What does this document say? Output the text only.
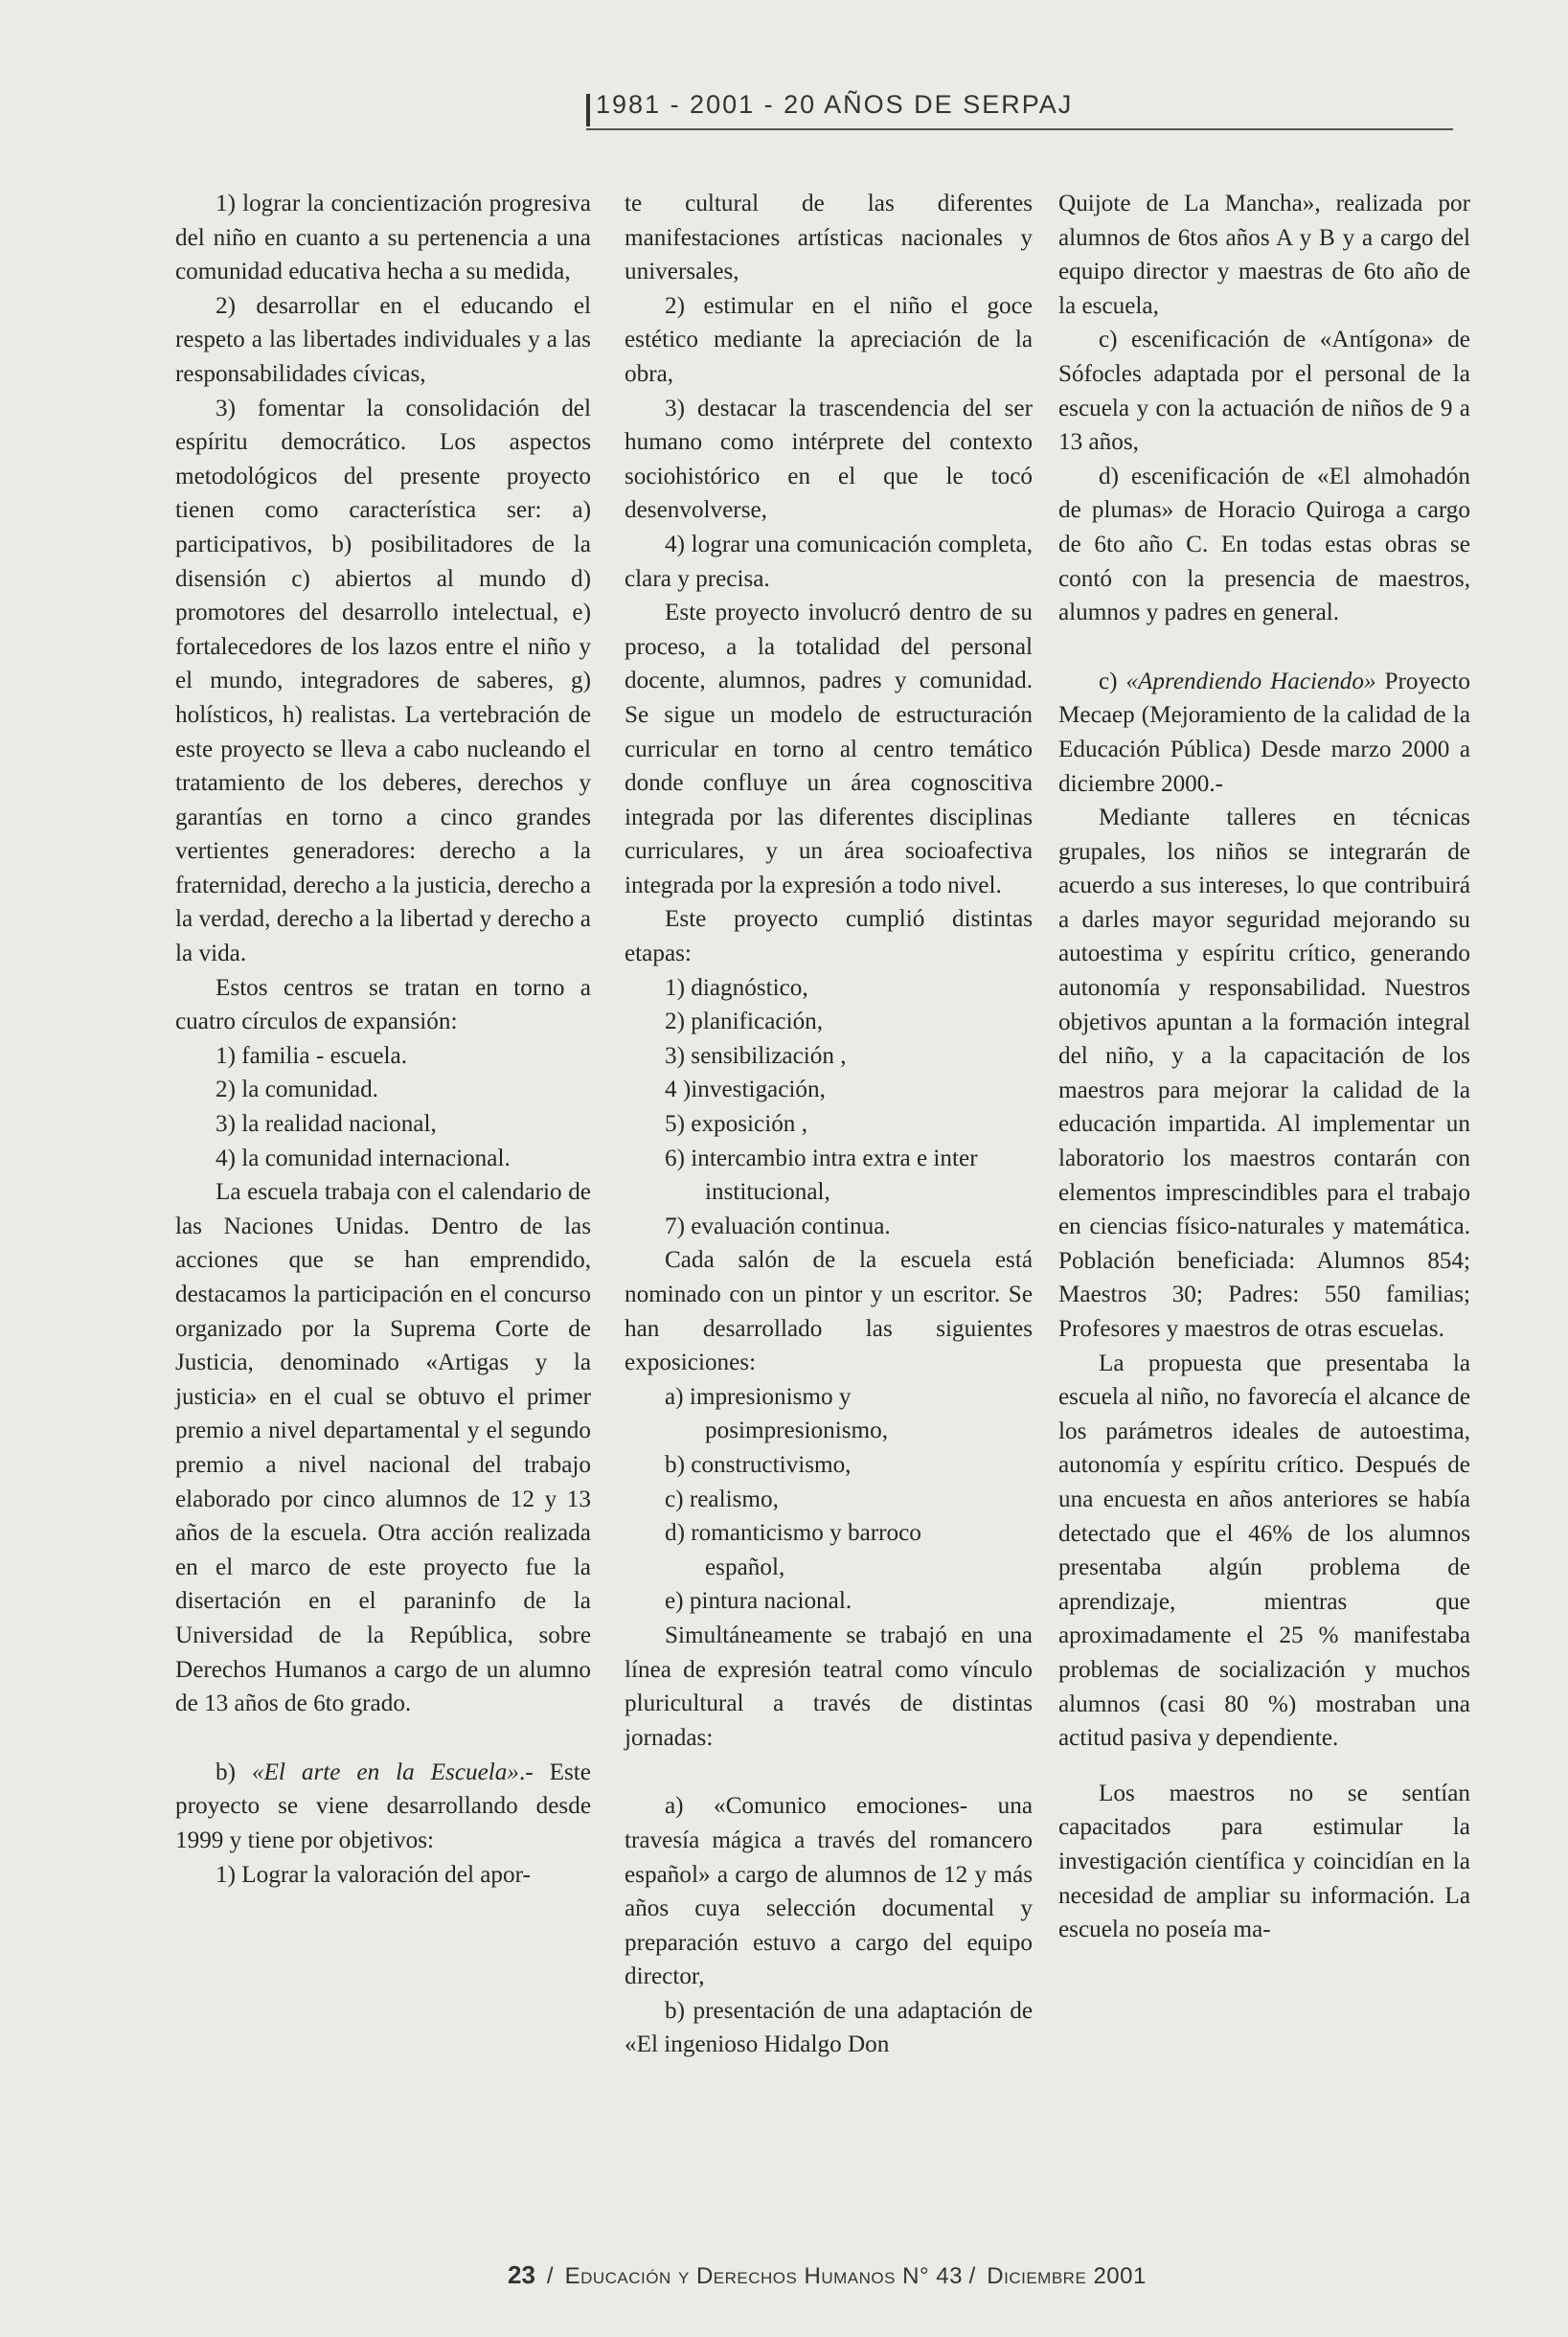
1981 - 2001 - 20 AÑOS DE SERPAJ

1) lograr la concientización progresiva del niño en cuanto a su pertenencia a una comunidad educativa hecha a su medida,

2) desarrollar en el educando el respeto a las libertades individuales y a las responsabilidades cívicas,

3) fomentar la consolidación del espíritu democrático. Los aspectos metodológicos del presente proyecto tienen como característica ser: a) participativos, b) posibilitadores de la disensión c) abiertos al mundo d) promotores del desarrollo intelectual, e) fortalecedores de los lazos entre el niño y el mundo, integradores de saberes, g) holísticos, h) realistas. La vertebración de este proyecto se lleva a cabo nucleando el tratamiento de los deberes, derechos y garantías en torno a cinco grandes vertientes generadores: derecho a la fraternidad, derecho a la justicia, derecho a la verdad, derecho a la libertad y derecho a la vida.

Estos centros se tratan en torno a cuatro círculos de expansión:

1) familia - escuela.

2) la comunidad.

3) la realidad nacional,

4) la comunidad internacional.

La escuela trabaja con el calendario de las Naciones Unidas. Dentro de las acciones que se han emprendido, destacamos la participación en el concurso organizado por la Suprema Corte de Justicia, denominado «Artigas y la justicia» en el cual se obtuvo el primer premio a nivel departamental y el segundo premio a nivel nacional del trabajo elaborado por cinco alumnos de 12 y 13 años de la escuela. Otra acción realizada en el marco de este proyecto fue la disertación en el paraninfo de la Universidad de la República, sobre Derechos Humanos a cargo de un alumno de 13 años de 6to grado.

b) «El arte en la Escuela».- Este proyecto se viene desarrollando desde 1999 y tiene por objetivos:

1) Lograr la valoración del apor-

te cultural de las diferentes manifestaciones artísticas nacionales y universales,

2) estimular en el niño el goce estético mediante la apreciación de la obra,

3) destacar la trascendencia del ser humano como intérprete del contexto sociohistórico en el que le tocó desenvolverse,

4) lograr una comunicación completa, clara y precisa.

Este proyecto involucró dentro de su proceso, a la totalidad del personal docente, alumnos, padres y comunidad. Se sigue un modelo de estructuración curricular en torno al centro temático donde confluye un área cognoscitiva integrada por las diferentes disciplinas curriculares, y un área socioafectiva integrada por la expresión a todo nivel.

Este proyecto cumplió distintas etapas:

1) diagnóstico,

2) planificación,

3) sensibilización ,

4 )investigación,

5) exposición ,

6) intercambio intra extra e inter
institucional,

7) evaluación continua.

Cada salón de la escuela está nominado con un pintor y un escritor. Se han desarrollado las siguientes exposiciones:

a) impresionismo y
posimpresionismo,

b) constructivismo,

c) realismo,

d) romanticismo y barroco
español,

e) pintura nacional.

Simultáneamente se trabajó en una línea de expresión teatral como vínculo pluricultural a través de distintas jornadas:

a) «Comunico emociones- una travesía mágica a través del romancero español» a cargo de alumnos de 12 y más años cuya selección documental y preparación estuvo a cargo del equipo director,

b) presentación de una adaptación de «El ingenioso Hidalgo Don

Quijote de La Mancha», realizada por alumnos de 6tos años A y B y a cargo del equipo director y maestras de 6to año de la escuela,

c) escenificación de «Antígona» de Sófocles adaptada por el personal de la escuela y con la actuación de niños de 9 a 13 años,

d) escenificación de «El almohadón de plumas» de Horacio Quiroga a cargo de 6to año C. En todas estas obras se contó con la presencia de maestros, alumnos y padres en general.

c) «Aprendiendo Haciendo» Proyecto Mecaep (Mejoramiento de la calidad de la Educación Pública) Desde marzo 2000 a diciembre 2000.-

Mediante talleres en técnicas grupales, los niños se integrarán de acuerdo a sus intereses, lo que contribuirá a darles mayor seguridad mejorando su autoestima y espíritu crítico, generando autonomía y responsabilidad. Nuestros objetivos apuntan a la formación integral del niño, y a la capacitación de los maestros para mejorar la calidad de la educación impartida. Al implementar un laboratorio los maestros contarán con elementos imprescindibles para el trabajo en ciencias físico-naturales y matemática. Población beneficiada: Alumnos 854; Maestros 30; Padres: 550 familias; Profesores y maestros de otras escuelas.

La propuesta que presentaba la escuela al niño, no favorecía el alcance de los parámetros ideales de autoestima, autonomía y espíritu crítico. Después de una encuesta en años anteriores se había detectado que el 46% de los alumnos presentaba algún problema de aprendizaje, mientras que aproximadamente el 25 % manifestaba problemas de socialización y muchos alumnos (casi 80 %) mostraban una actitud pasiva y dependiente.

Los maestros no se sentían capacitados para estimular la investigación científica y coincidían en la necesidad de ampliar su información. La escuela no poseía ma-

23 / Educación y Derechos Humanos N° 43 / Diciembre 2001
